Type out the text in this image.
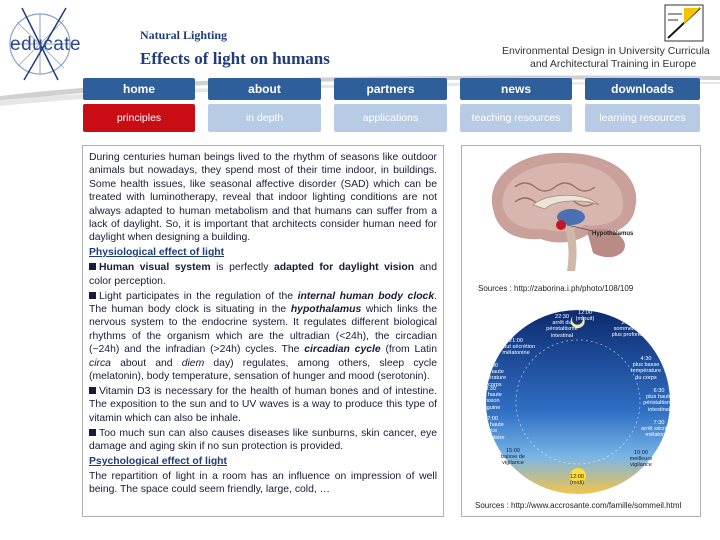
educate	Natural Lighting
Effects of light on humans	Environmental Design in University Curricula
and Architectural Training in Europe
home	about	partners	news	downloads
principles	in depth	applications	teaching resources	learning resources

During centuries human beings lived to the rhythm of seasons like outdoor animals but nowadays, they spend most of their time indoor, in buildings. Some health issues, like seasonal affective disorder (SAD) which can be treated with luminotherapy, reveal that indoor lighting conditions are not always adapted to human metabolism and that humans can suffer from a lack of daylight. So, it is important that architects consider human need for daylight when designing a building.

Physiological effect of light

Human visual system is perfectly adapted for daylight vision and color perception.

Light participates in the regulation of the internal human body clock. The human body clock is situating in the hypothalamus which links the nervous system to the endocrine system. It regulates different biological rhythms of the organism which are the ultradian (<24h), the circadian (~24h) and the infradian (>24h) cycles. The circadian cycle (from Latin circa about and diem day) regulates, among others, sleep cycle (melatonin), body temperature, sensation of hunger and mood (serotonin).

Vitamin D3 is necessary for the health of human bones and of intestine. The exposition to the sun and to UV waves is a way to produce this type of vitamin which can also be inhale.

Too much sun can also causes diseases like sunburns, skin cancer, eye damage and aging skin if no sun protection is provided.

Psychological effect of light

The repartition of light in a room has an influence on impression of well being. The space could seem friendly, large, cold, …

Hypothalamus
Sources : http://zaborina.i.ph/photo/108/109
22:30
arrêt du péristaltisme
intestinal
12:00
(minuit)
2:00
sommeil le
plus profond
21:00
début sécrétion
mélatonine
4:30
plus basse
température
du corps
19:00
plus haute
température
du corps
18:30
plus haute
pression
sanguine
6:30
plus haute
péristaltisme
intestinal
17:00
plus haute
force
musculaire
7:30
arrêt sécrétion
mélatonine
15:00
baisse de
vigilance
10:00
meilleure
vigilance
12:00
(midi)
Sources : http://www.accrosante.com/famille/sommeil.html
